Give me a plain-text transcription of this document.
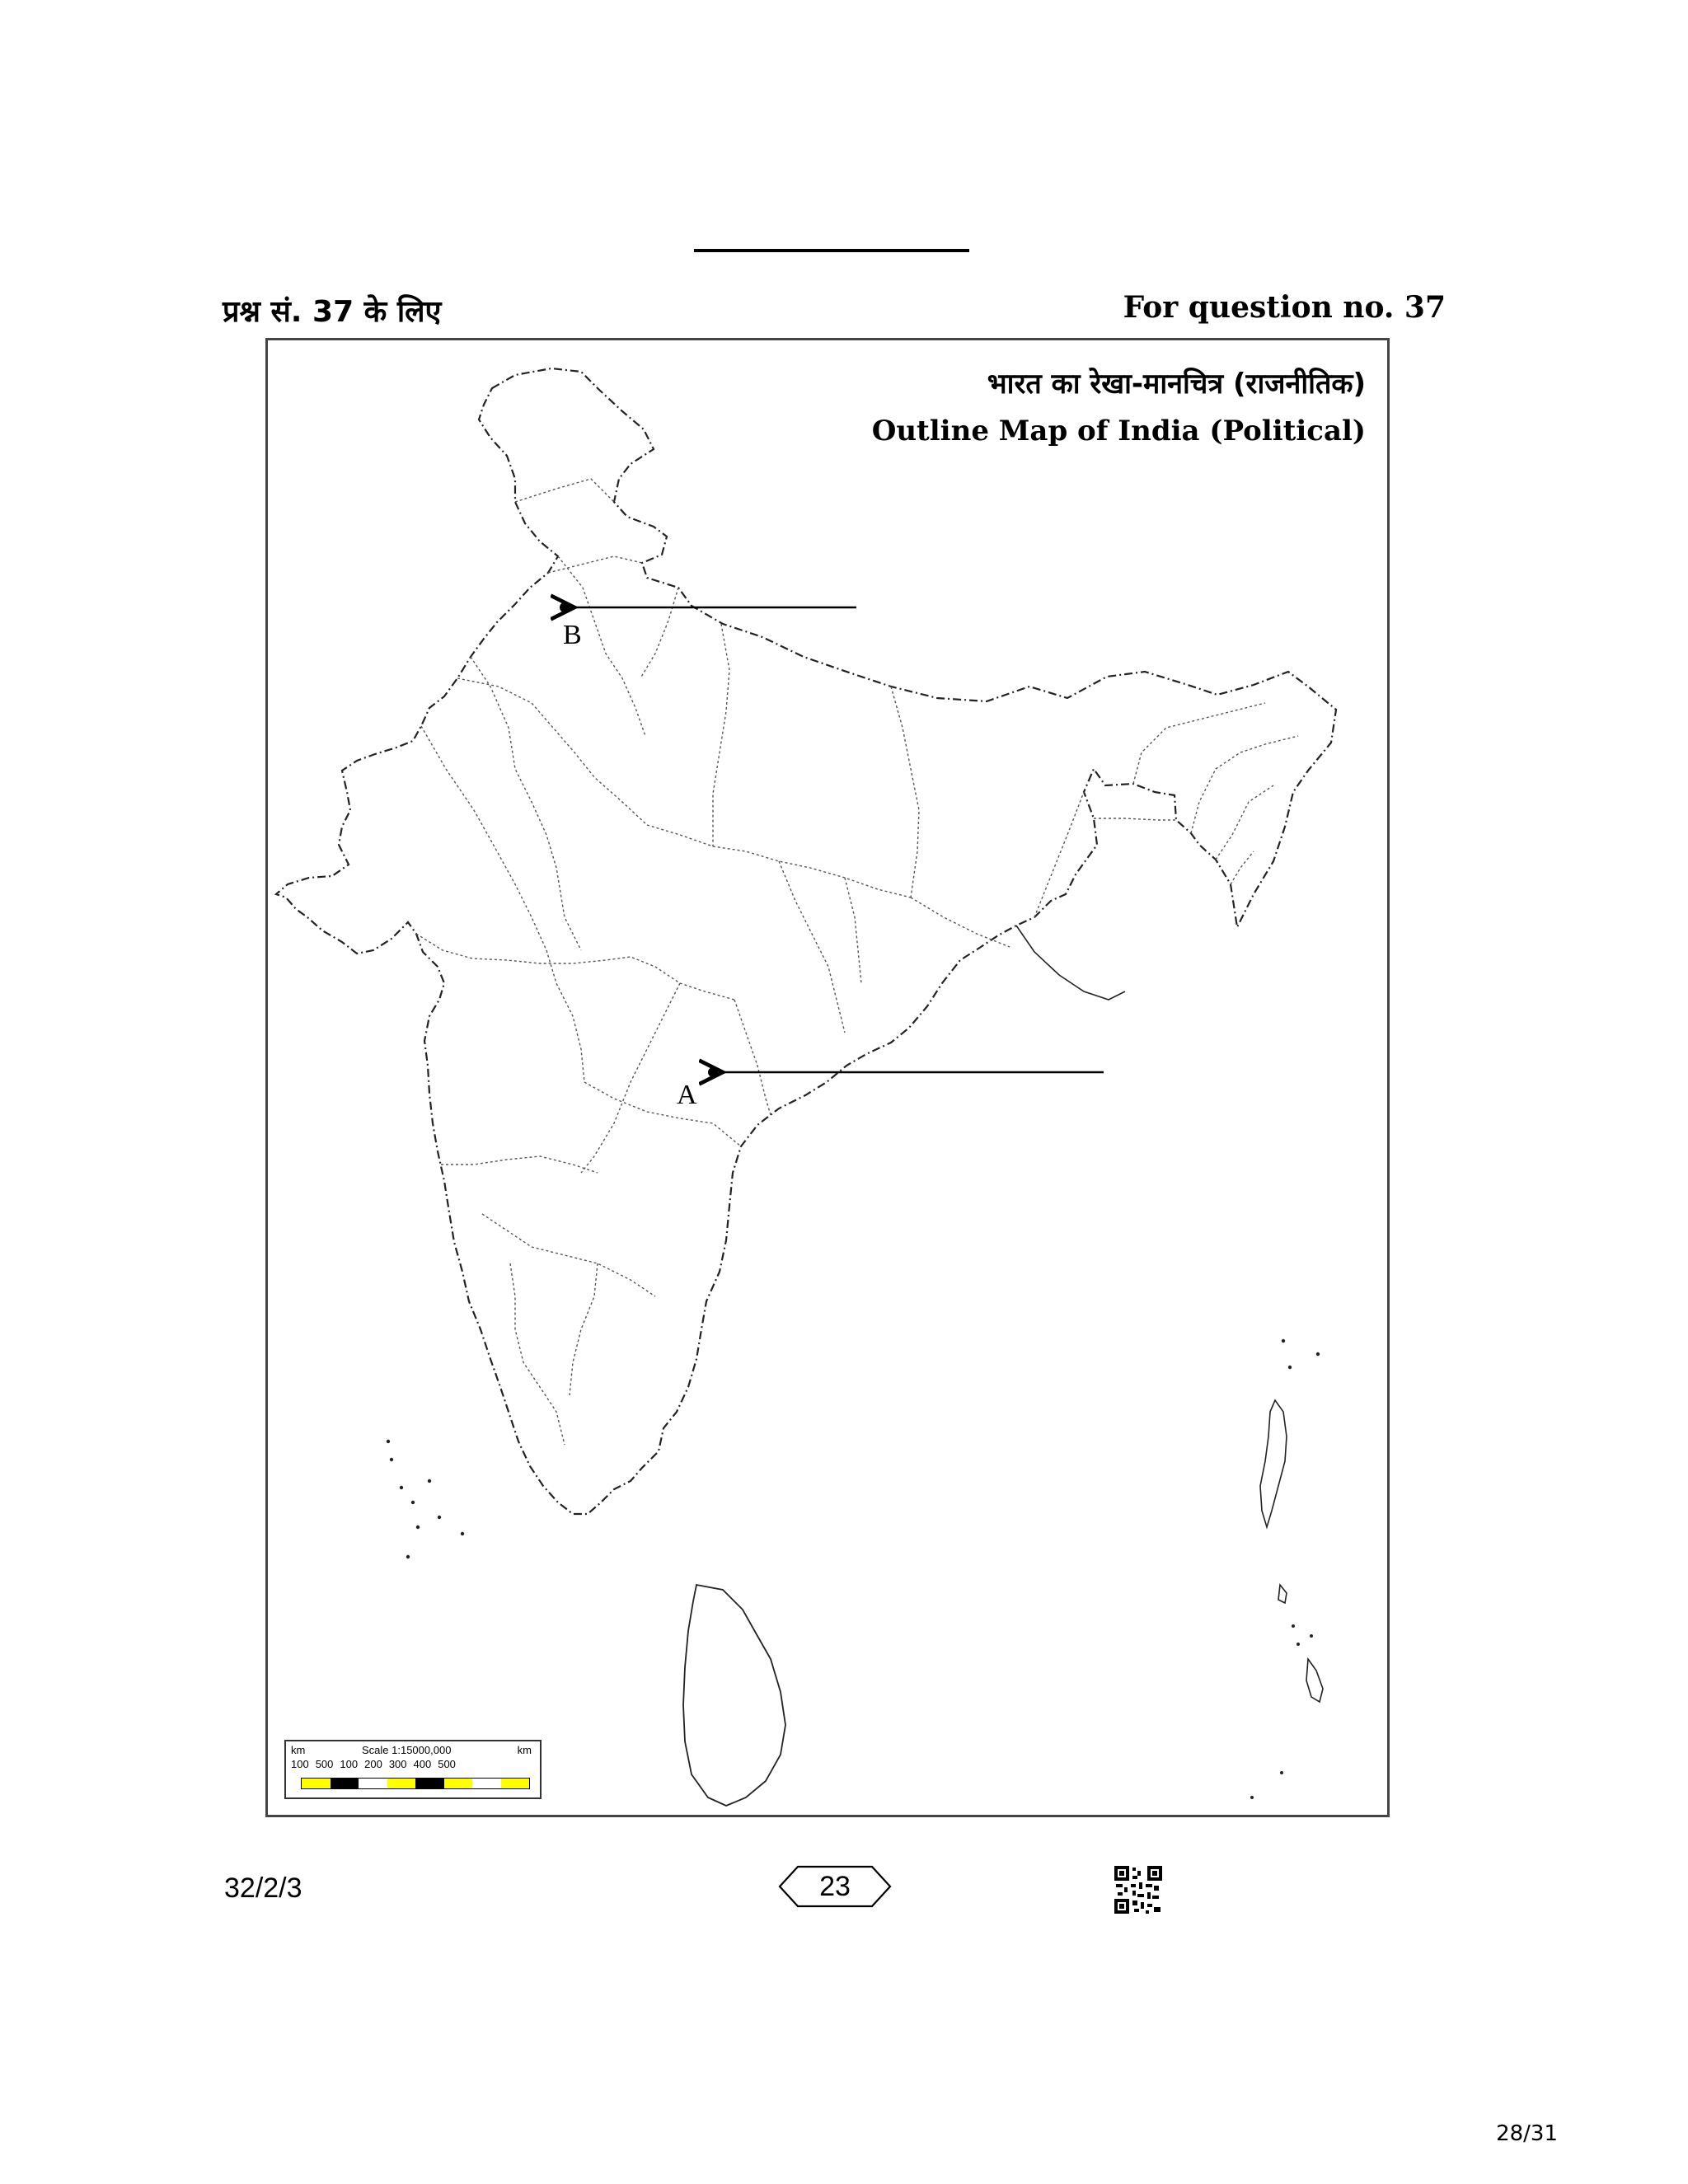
प्रश्न सं. 37 के लिए	For question no. 37
B
A
भारत का रेखा-मानचित्र (राजनीतिक)
Outline Map of India (Political)
km	Scale 1:15000,000	km
100 500 100 200 300 400 500
32/2/3	23
28/31
